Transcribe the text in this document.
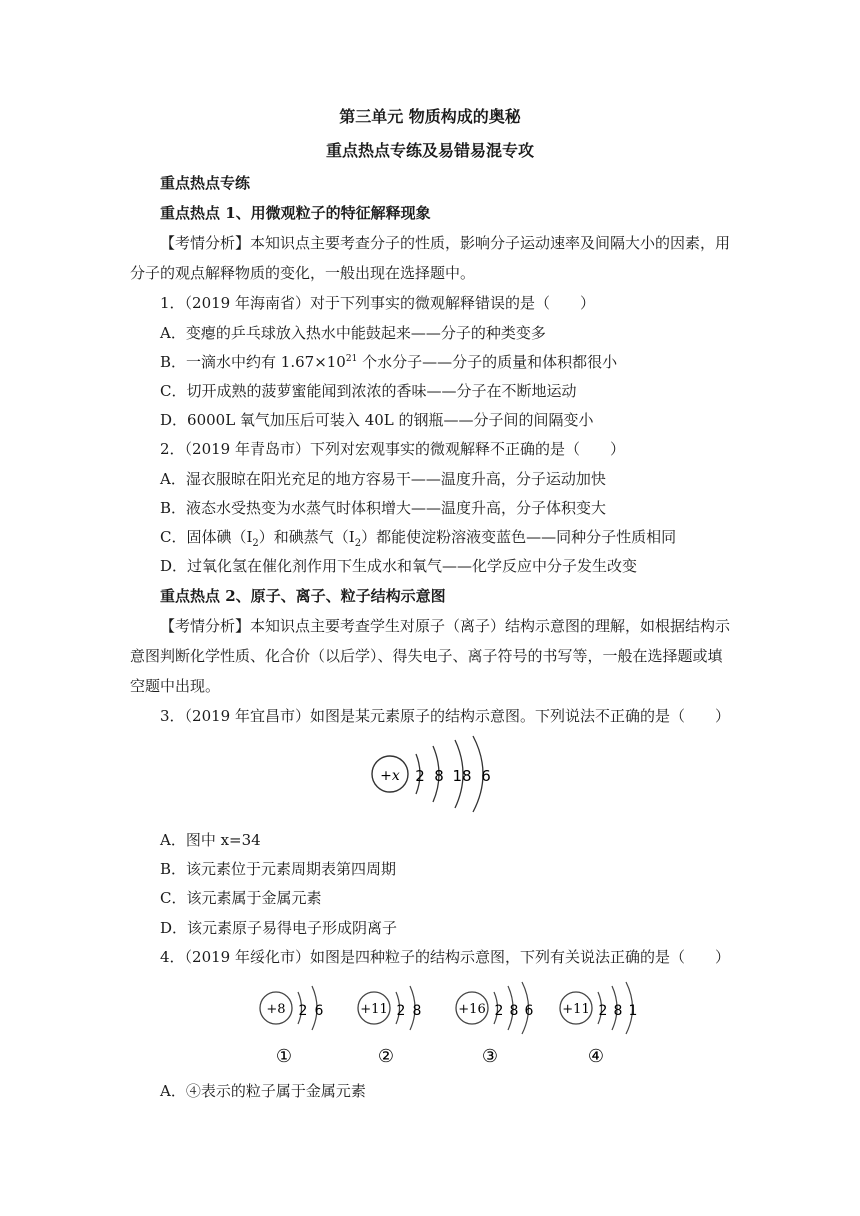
第三单元 物质构成的奥秘
重点热点专练及易错易混专攻
重点热点专练
重点热点 1、用微观粒子的特征解释现象
【考情分析】本知识点主要考查分子的性质，影响分子运动速率及间隔大小的因素，用
分子的观点解释物质的变化，一般出现在选择题中。
1．（2019 年海南省）对于下列事实的微观解释错误的是（　　）
A．变瘪的乒乓球放入热水中能鼓起来——分子的种类变多
B．一滴水中约有 $1.67\times 10^{21}$ 个水分子——分子的质量和体积都很小
C．切开成熟的菠萝蜜能闻到浓浓的香味——分子在不断地运动
D．6000L 氧气加压后可装入 40L 的钢瓶——分子间的间隔变小
2．（2019 年青岛市）下列对宏观事实的微观解释不正确的是（　　）
A．湿衣服晾在阳光充足的地方容易干——温度升高，分子运动加快
B．液态水受热变为水蒸气时体积增大——温度升高，分子体积变大
C．固体碘$(I_2)$和碘蒸气$(I_2)$都能使淀粉溶液变蓝色——同种分子性质相同
D．过氧化氢在催化剂作用下生成水和氧气——化学反应中分子发生改变
重点热点 2、原子、离子、粒子结构示意图
【考情分析】本知识点主要考查学生对原子（离子）结构示意图的理解，如根据结构示
意图判断化学性质、化合价（以后学）、得失电子、离子符号的书写等，一般在选择题或填
空题中出现。
3．（2019 年宜昌市）如图是某元素原子的结构示意图。下列说法不正确的是（　　）
+x 2 8 18 6
A．图中 x=34
B．该元素位于元素周期表第四周期
C．该元素属于金属元素
D．该元素原子易得电子形成阴离子
4．（2019 年绥化市）如图是四种粒子的结构示意图，下列有关说法正确的是（　　）
+8 2 6
①
+11 2 8
②
+16 2 8 6
③
+11 2 8 1
④
A．④表示的粒子属于金属元素
